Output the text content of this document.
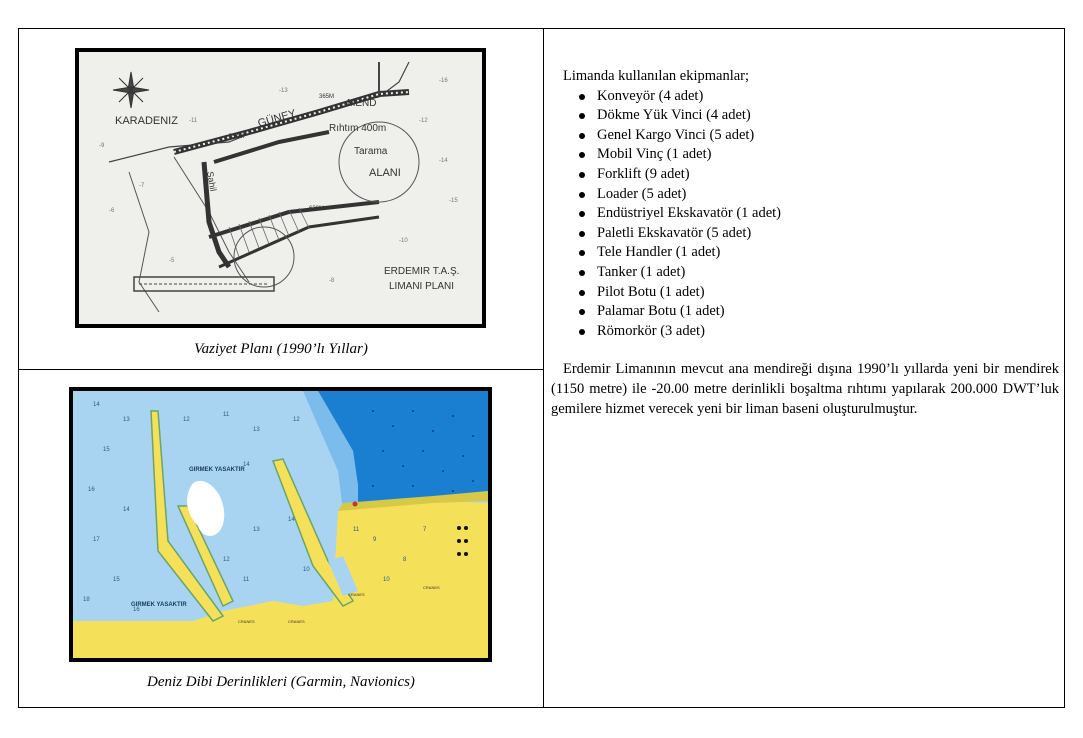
-9
-7
-12
-14
-15
-10
-8
-11
-13
-6
-5
-16
KARADENIZ	GÜNEY
MEND
Rıhtım 400m
Tarama
ALANI
Sahil
ERDEMIR T.A.Ş.
LIMANI PLANI
365M
754M
630M
Vaziyet Planı (1990’lı Yıllar)
14
13
15
16
14
17
15
18
16
12
11
13
14
12
11
13
12
14
10
9
8
7
10
11
GIRMEK YASAKTIR
GIRMEK YASAKTIR
CRANES	CRANES
CRANES
CRANES
Deniz Dibi Derinlikleri (Garmin, Navionics)

Limanda kullanılan ekipmanlar;

Konveyör (4 adet)
Dökme Yük Vinci (4 adet)
Genel Kargo Vinci (5 adet)
Mobil Vinç (1 adet)
Forklift (9 adet)
Loader (5 adet)
Endüstriyel Ekskavatör (1 adet)
Paletli Ekskavatör (5 adet)
Tele Handler (1 adet)
Tanker (1 adet)
Pilot Botu (1 adet)
Palamar Botu (1 adet)
Römorkör (3 adet)

Erdemir Limanının mevcut ana mendireği dışına 1990’lı yıllarda yeni bir mendirek (1150 metre) ile -20.00 metre derinlikli boşaltma rıhtımı yapılarak 200.000 DWT’luk gemilere hizmet verecek yeni bir liman baseni oluşturulmuştur.
